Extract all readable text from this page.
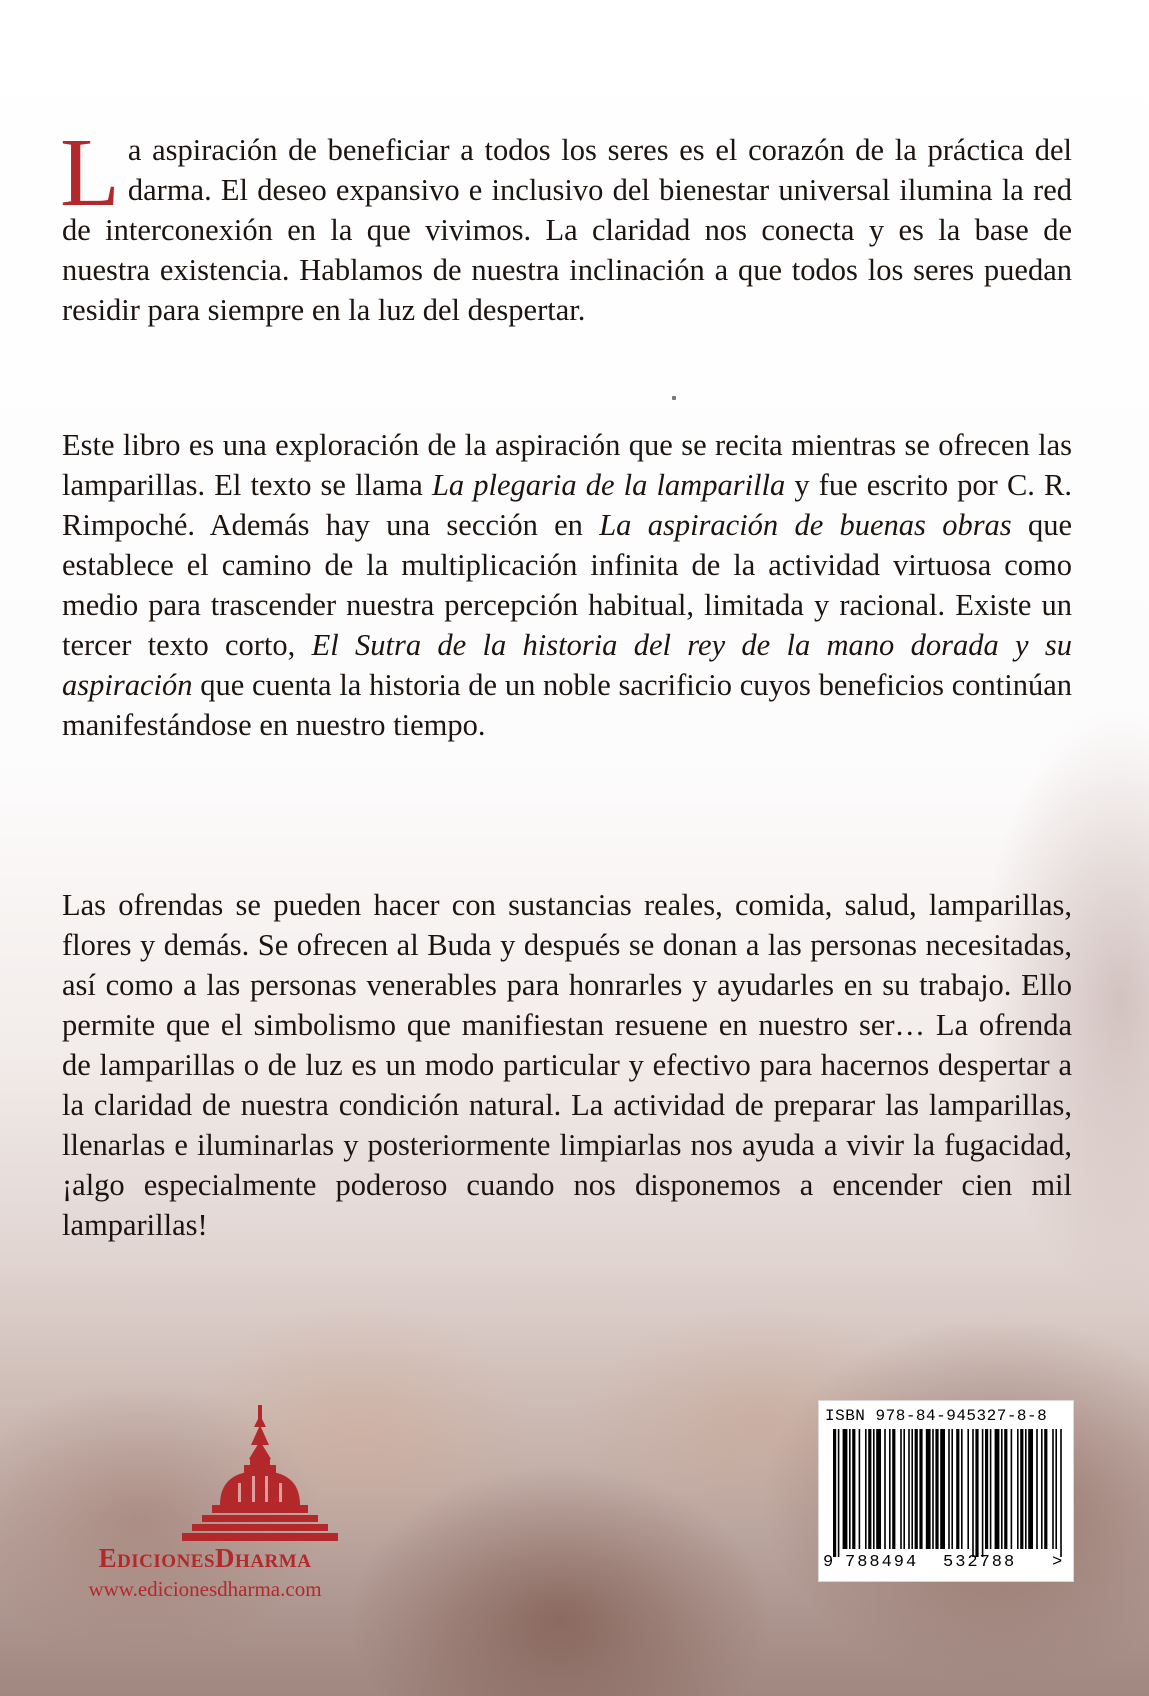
La aspiración de beneficiar a todos los seres es el corazón de la práctica del darma. El deseo expansivo e inclusivo del bienestar universal ilumina la red de interconexión en la que vivimos. La claridad nos conecta y es la base de nuestra existencia. Hablamos de nuestra inclinación a que todos los seres puedan residir para siempre en la luz del despertar.

Este libro es una exploración de la aspiración que se recita mientras se ofrecen las lamparillas. El texto se llama La plegaria de la lamparilla y fue escrito por C. R. Rimpoché. Además hay una sección en La aspiración de buenas obras que establece el camino de la multiplicación infinita de la actividad virtuosa como medio para trascender nuestra percepción habitual, limitada y racional. Existe un tercer texto corto, El Sutra de la historia del rey de la mano dorada y su aspiración que cuenta la historia de un noble sacrificio cuyos beneficios continúan manifestándose en nuestro tiempo.

Las ofrendas se pueden hacer con sustancias reales, comida, salud, lamparillas, flores y demás. Se ofrecen al Buda y después se donan a las personas necesitadas, así como a las personas venerables para honrarles y ayudarles en su trabajo. Ello permite que el simbolismo que manifiestan resuene en nuestro ser… La ofrenda de lamparillas o de luz es un modo particular y efectivo para hacernos despertar a la claridad de nuestra condición natural. La actividad de preparar las lamparillas, llenarlas e iluminarlas y posteriormente limpiarlas nos ayuda a vivir la fugacidad, ¡algo especialmente poderoso cuando nos disponemos a encender cien mil lamparillas!

EdicionesDharma
www.edicionesdharma.com
ISBN 978-84-945327-8-8
9 788494 532788 >
